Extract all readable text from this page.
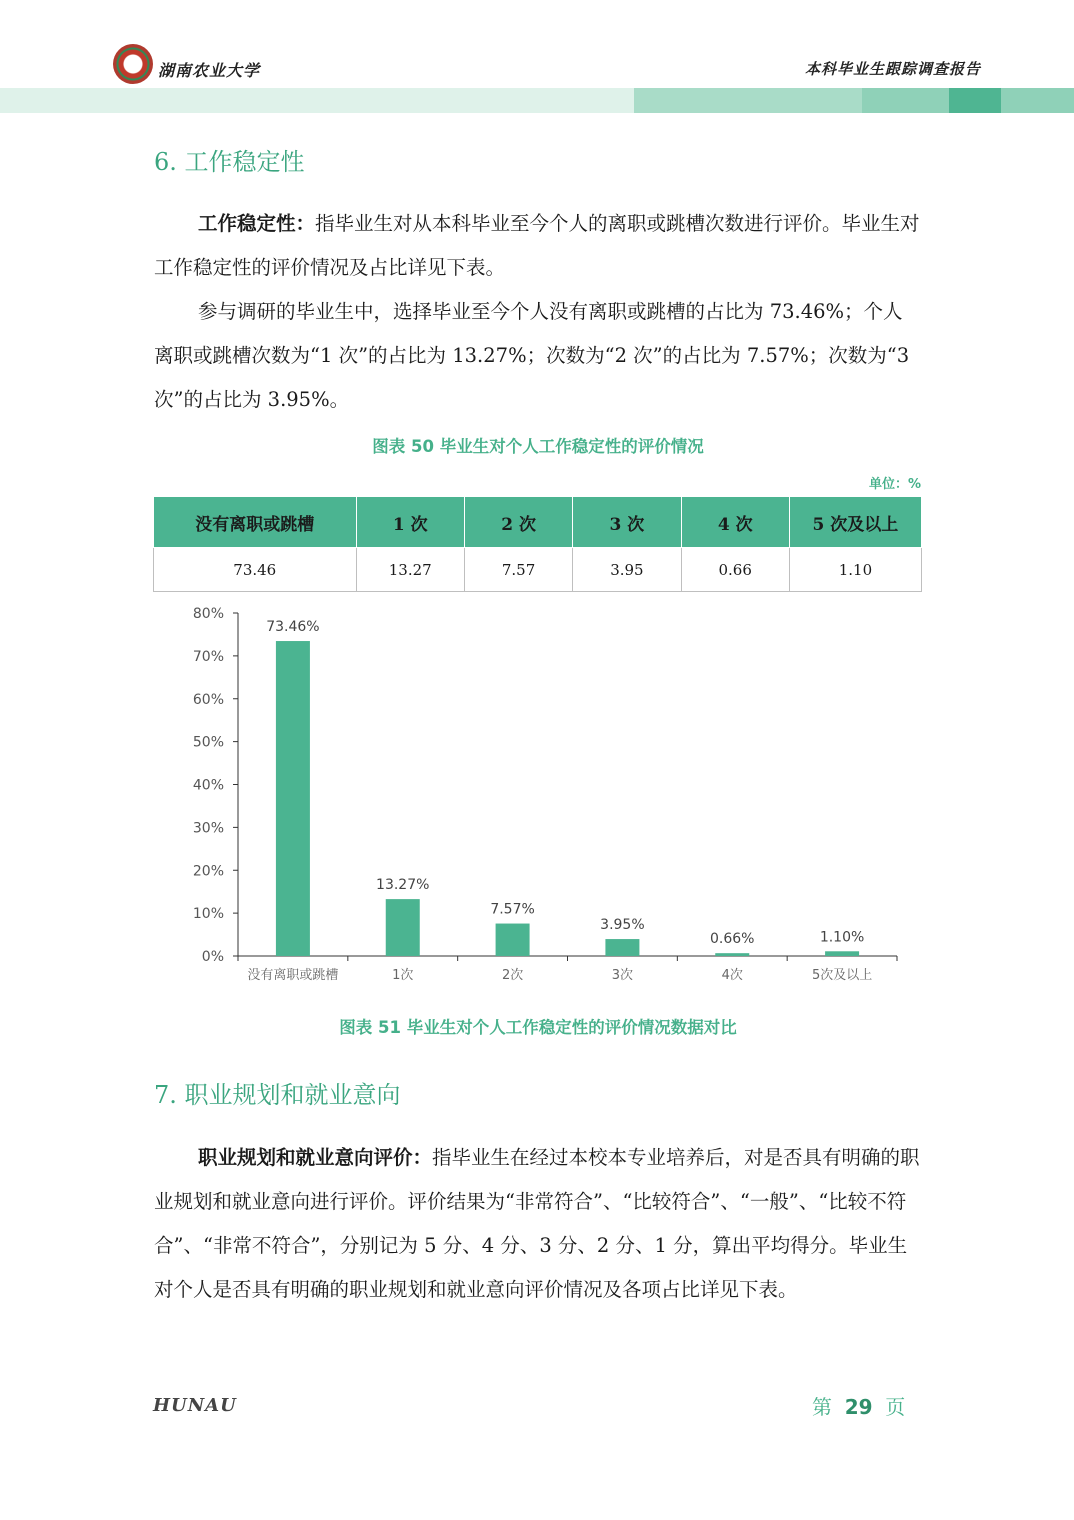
湖南农业大学	本科毕业生跟踪调查报告
6. 工作稳定性
工作稳定性：指毕业生对从本科毕业至今个人的离职或跳槽次数进行评价。毕业生对工作稳定性的评价情况及占比详见下表。
参与调研的毕业生中，选择毕业至今个人没有离职或跳槽的占比为 73.46%；个人离职或跳槽次数为“1 次”的占比为 13.27%；次数为“2 次”的占比为 7.57%；次数为“3 次”的占比为 3.95%。
图表 50 毕业生对个人工作稳定性的评价情况
单位：%
没有离职或跳槽	1 次	2 次	3 次	4 次	5 次及以上
73.46	13.27	7.57	3.95	0.66	1.10
0%
10%
20%
30%
40%
50%
60%
70%
80%
73.46%
没有离职或跳槽
13.27%
1次
7.57%
2次
3.95%
3次
0.66%
4次
1.10%
5次及以上
图表 51 毕业生对个人工作稳定性的评价情况数据对比
7. 职业规划和就业意向
职业规划和就业意向评价：指毕业生在经过本校本专业培养后，对是否具有明确的职业规划和就业意向进行评价。评价结果为“非常符合”、“比较符合”、“一般”、“比较不符合”、“非常不符合”，分别记为 5 分、4 分、3 分、2 分、1 分，算出平均得分。毕业生对个人是否具有明确的职业规划和就业意向评价情况及各项占比详见下表。
HUNAU	第 29 页
